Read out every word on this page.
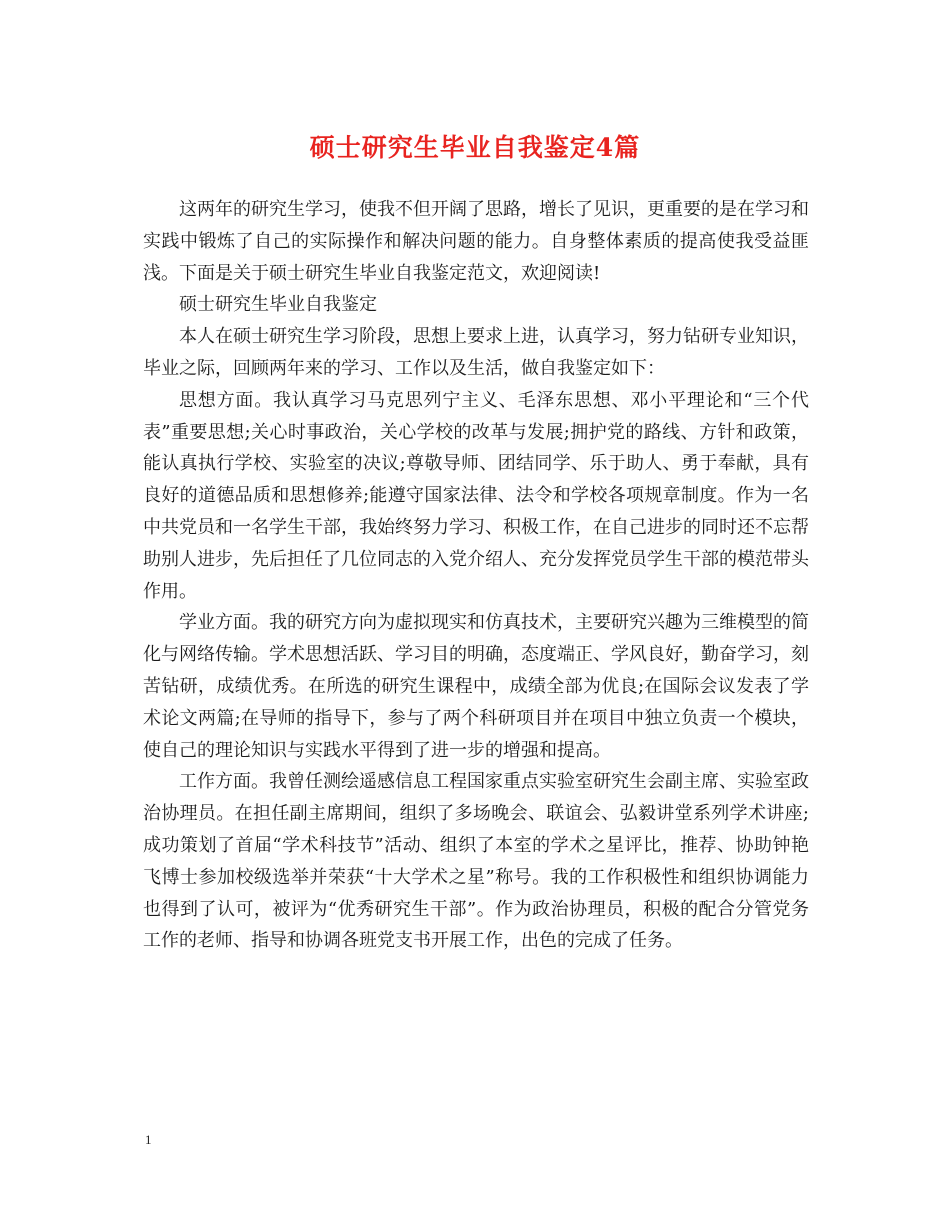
硕士研究生毕业自我鉴定4篇

这两年的研究生学习，使我不但开阔了思路，增长了见识，更重要的是在学习和实践中锻炼了自己的实际操作和解决问题的能力。自身整体素质的提高使我受益匪浅。下面是关于硕士研究生毕业自我鉴定范文，欢迎阅读!

硕士研究生毕业自我鉴定

本人在硕士研究生学习阶段，思想上要求上进，认真学习，努力钻研专业知识，毕业之际，回顾两年来的学习、工作以及生活，做自我鉴定如下：

思想方面。我认真学习马克思列宁主义、毛泽东思想、邓小平理论和“三个代表”重要思想;关心时事政治，关心学校的改革与发展;拥护党的路线、方针和政策，能认真执行学校、实验室的决议;尊敬导师、团结同学、乐于助人、勇于奉献，具有良好的道德品质和思想修养;能遵守国家法律、法令和学校各项规章制度。作为一名中共党员和一名学生干部，我始终努力学习、积极工作，在自己进步的同时还不忘帮助别人进步，先后担任了几位同志的入党介绍人、充分发挥党员学生干部的模范带头作用。

学业方面。我的研究方向为虚拟现实和仿真技术，主要研究兴趣为三维模型的简化与网络传输。学术思想活跃、学习目的明确，态度端正、学风良好，勤奋学习，刻苦钻研，成绩优秀。在所选的研究生课程中，成绩全部为优良;在国际会议发表了学术论文两篇;在导师的指导下，参与了两个科研项目并在项目中独立负责一个模块，使自己的理论知识与实践水平得到了进一步的增强和提高。

工作方面。我曾任测绘遥感信息工程国家重点实验室研究生会副主席、实验室政治协理员。在担任副主席期间，组织了多场晚会、联谊会、弘毅讲堂系列学术讲座;成功策划了首届“学术科技节”活动、组织了本室的学术之星评比，推荐、协助钟艳飞博士参加校级选举并荣获“十大学术之星”称号。我的工作积极性和组织协调能力也得到了认可，被评为“优秀研究生干部”。作为政治协理员，积极的配合分管党务工作的老师、指导和协调各班党支书开展工作，出色的完成了任务。

1
